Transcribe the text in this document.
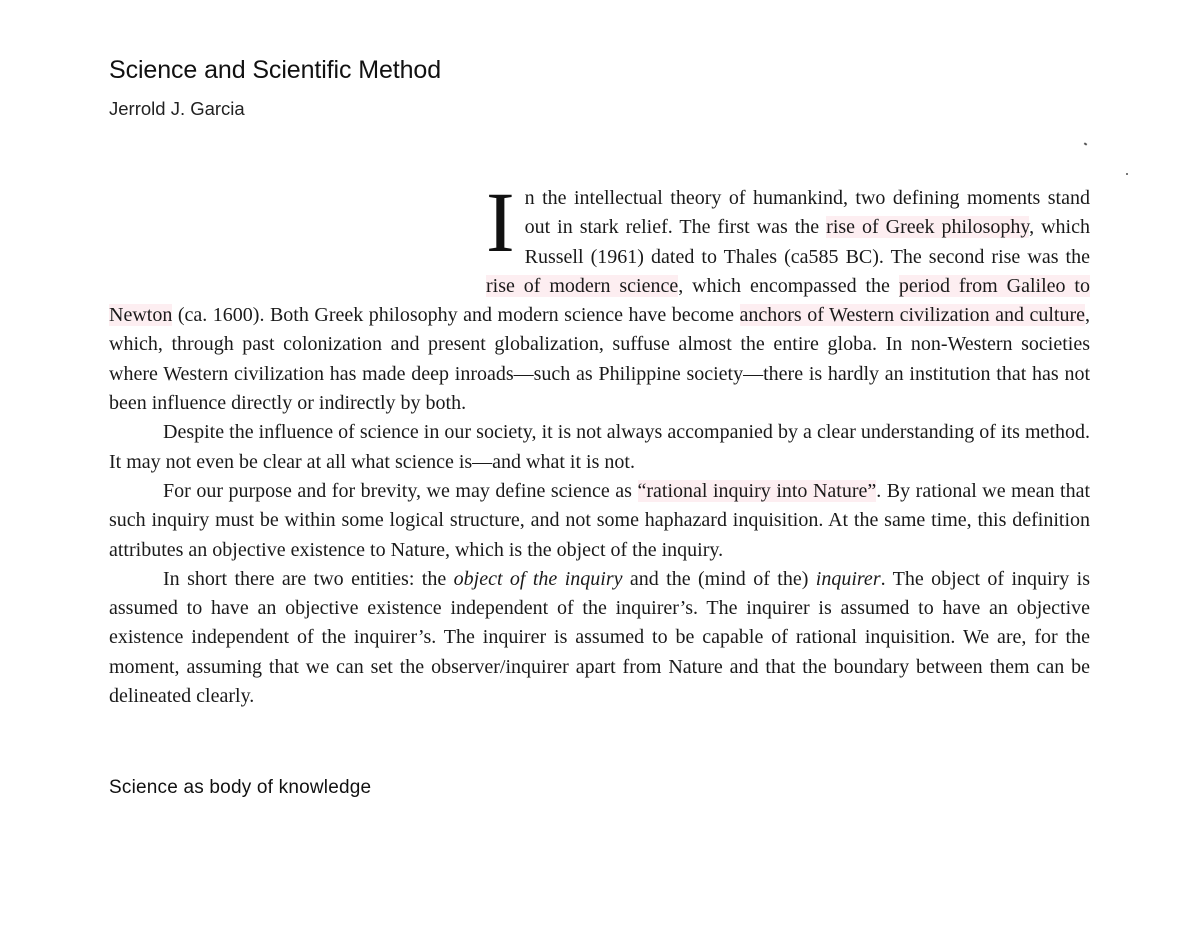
Science and Scientific Method
Jerrold J. Garcia

In the intellectual theory of humankind, two defining moments stand out in stark relief. The first was the rise of Greek philosophy, which Russell (1961) dated to Thales (ca585 BC). The second rise was the rise of modern science, which encompassed the period from Galileo to Newton (ca. 1600). Both Greek philosophy and modern science have become anchors of Western civilization and culture, which, through past colonization and present globalization, suffuse almost the entire globa. In non-Western societies where Western civilization has made deep inroads—such as Philippine society—there is hardly an institution that has not been influence directly or indirectly by both.

Despite the influence of science in our society, it is not always accompanied by a clear understanding of its method. It may not even be clear at all what science is—and what it is not.

For our purpose and for brevity, we may define science as “rational inquiry into Nature”. By rational we mean that such inquiry must be within some logical structure, and not some haphazard inquisition. At the same time, this definition attributes an objective existence to Nature, which is the object of the inquiry.

In short there are two entities: the object of the inquiry and the (mind of the) inquirer. The object of inquiry is assumed to have an objective existence independent of the inquirer’s. The inquirer is assumed to have an objective existence independent of the inquirer’s. The inquirer is assumed to be capable of rational inquisition. We are, for the moment, assuming that we can set the observer/inquirer apart from Nature and that the boundary between them can be delineated clearly.

Science as body of knowledge
